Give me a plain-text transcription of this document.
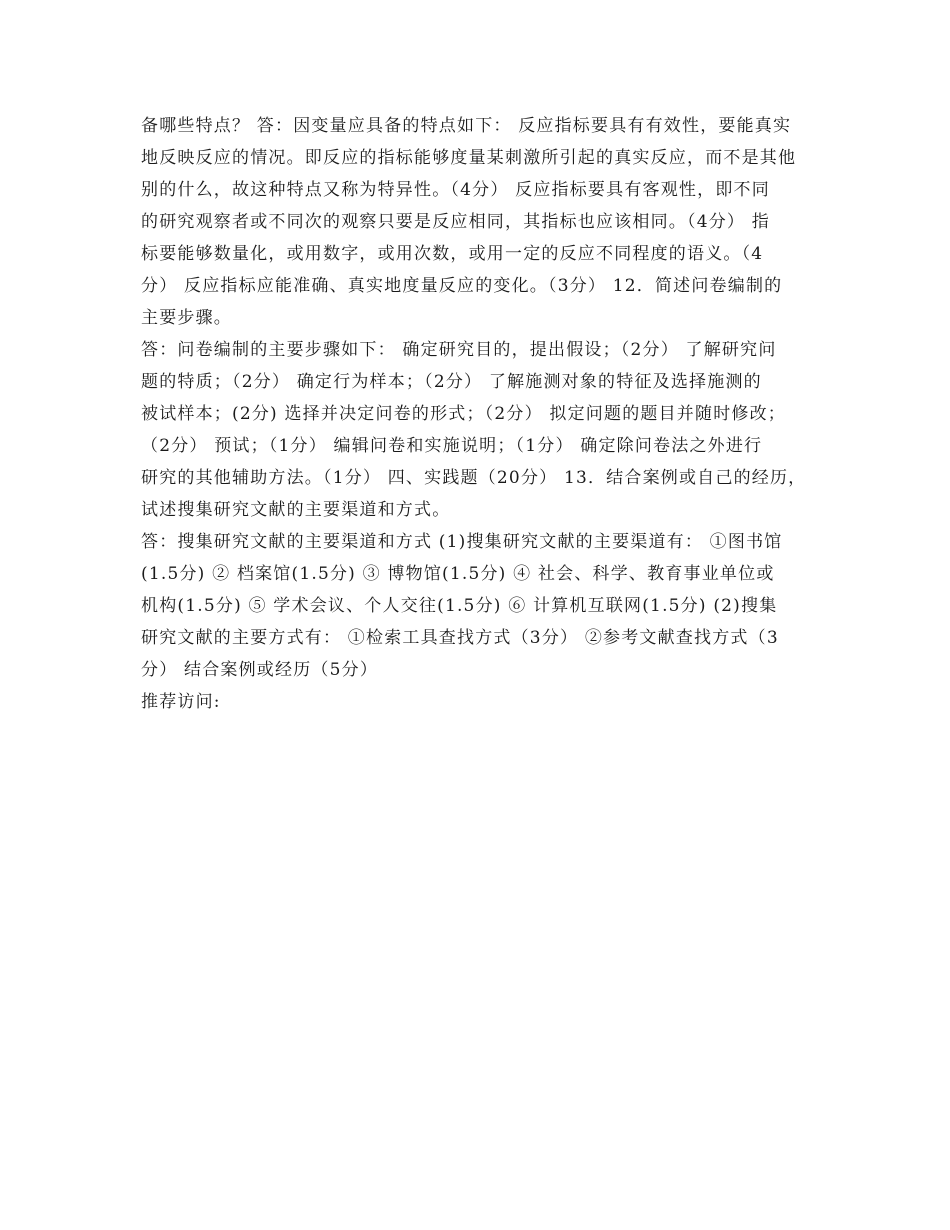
备哪些特点？ 答：因变量应具备的特点如下： 反应指标要具有有效性，要能真实
地反映反应的情况。即反应的指标能够度量某刺激所引起的真实反应，而不是其他
别的什么，故这种特点又称为特异性。（4分） 反应指标要具有客观性，即不同
的研究观察者或不同次的观察只要是反应相同，其指标也应该相同。（4分） 指
标要能够数量化，或用数字，或用次数，或用一定的反应不同程度的语义。（4
分） 反应指标应能准确、真实地度量反应的变化。（3分） 12．简述问卷编制的
主要步骤。
答：问卷编制的主要步骤如下： 确定研究目的，提出假设；（2分） 了解研究问
题的特质；（2分） 确定行为样本；（2分） 了解施测对象的特征及选择施测的
被试样本；(2分) 选择并决定问卷的形式；（2分） 拟定问题的题目并随时修改；
（2分） 预试；（1分） 编辑问卷和实施说明；（1分） 确定除问卷法之外进行
研究的其他辅助方法。（1分） 四、实践题（20分） 13．结合案例或自己的经历，
试述搜集研究文献的主要渠道和方式。
答：搜集研究文献的主要渠道和方式 (1)搜集研究文献的主要渠道有： ①图书馆
(1.5分) ② 档案馆(1.5分) ③ 博物馆(1.5分) ④ 社会、科学、教育事业单位或
机构(1.5分) ⑤ 学术会议、个人交往(1.5分) ⑥ 计算机互联网(1.5分) (2)搜集
研究文献的主要方式有： ①检索工具查找方式（3分） ②参考文献查找方式（3
分） 结合案例或经历（5分）
推荐访问:
